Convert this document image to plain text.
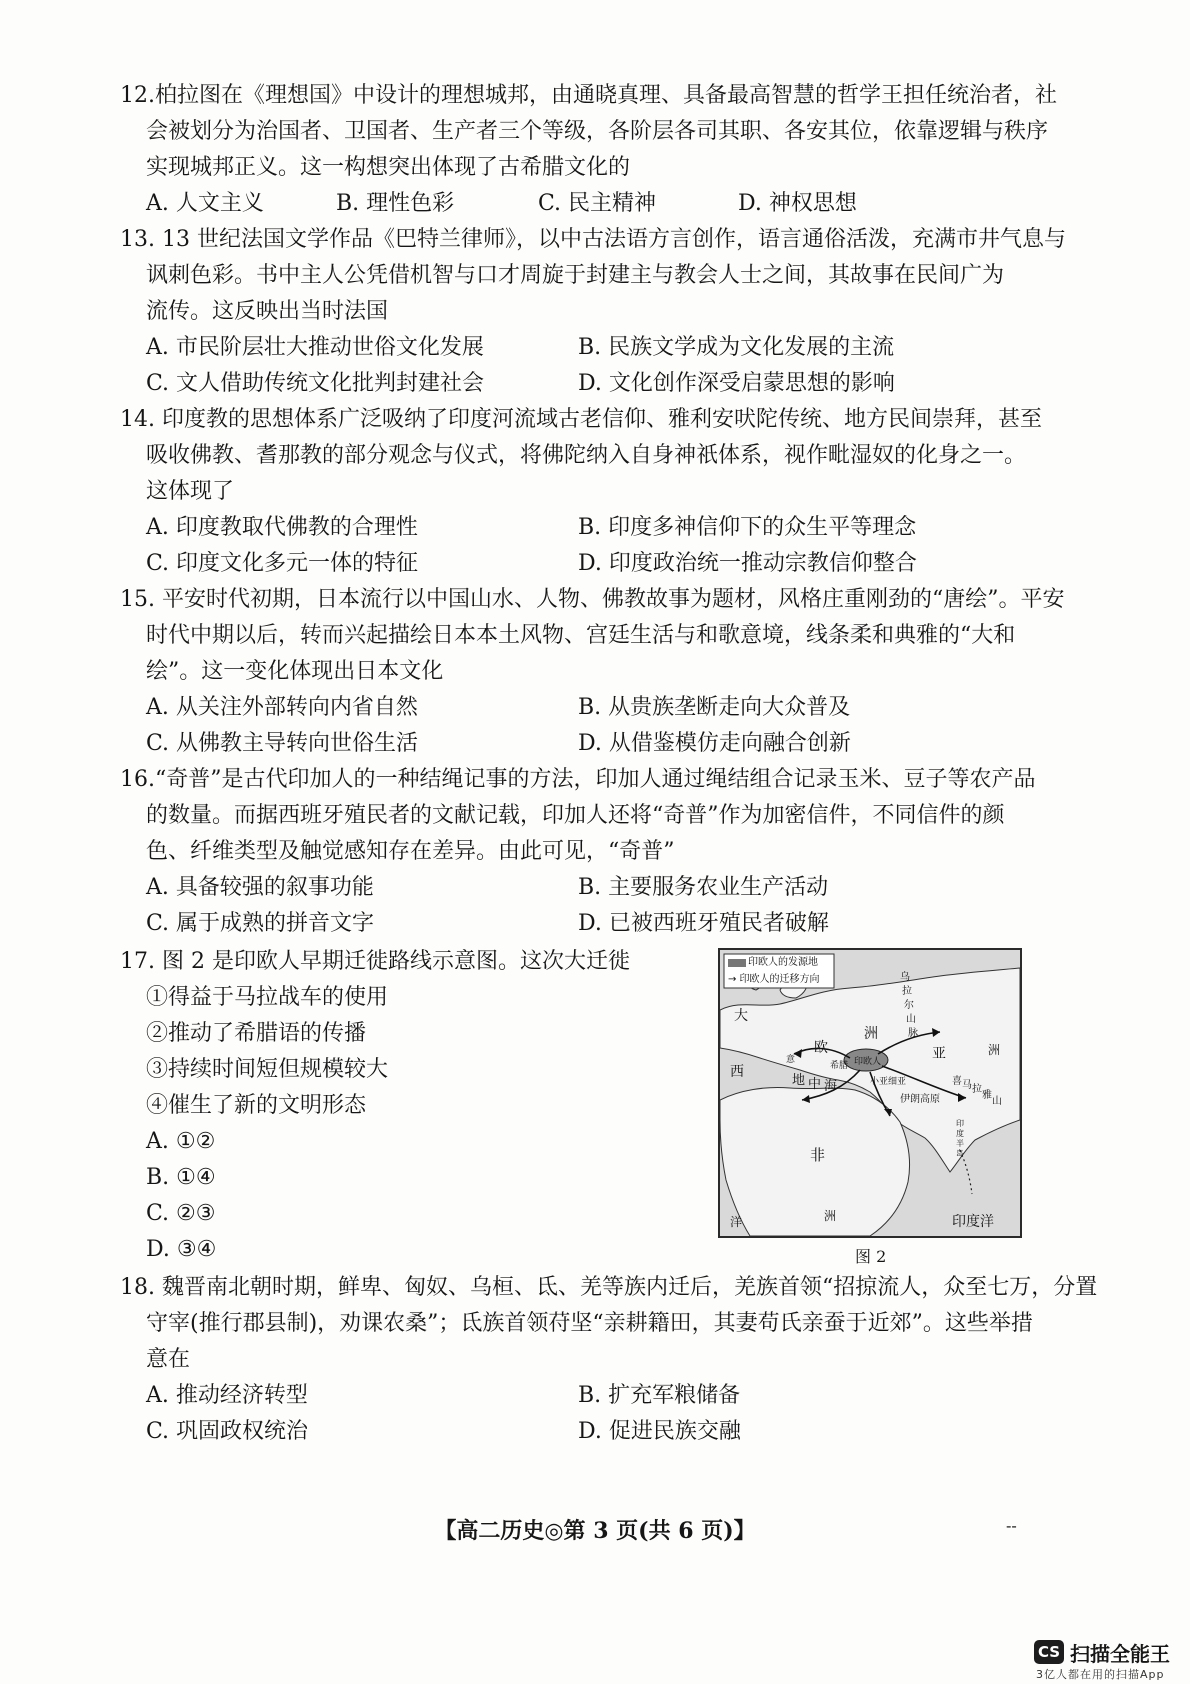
12.柏拉图在《理想国》中设计的理想城邦，由通晓真理、具备最高智慧的哲学王担任统治者，社
会被划分为治国者、卫国者、生产者三个等级，各阶层各司其职、各安其位，依靠逻辑与秩序
实现城邦正义。这一构想突出体现了古希腊文化的
A. 人文主义	B. 理性色彩	C. 民主精神	D. 神权思想
13. 13 世纪法国文学作品《巴特兰律师》，以中古法语方言创作，语言通俗活泼，充满市井气息与
讽刺色彩。书中主人公凭借机智与口才周旋于封建主与教会人士之间，其故事在民间广为
流传。这反映出当时法国
A. 市民阶层壮大推动世俗文化发展	B. 民族文学成为文化发展的主流
C. 文人借助传统文化批判封建社会	D. 文化创作深受启蒙思想的影响
14. 印度教的思想体系广泛吸纳了印度河流域古老信仰、雅利安吠陀传统、地方民间崇拜，甚至
吸收佛教、耆那教的部分观念与仪式，将佛陀纳入自身神祇体系，视作毗湿奴的化身之一。
这体现了
A. 印度教取代佛教的合理性	B. 印度多神信仰下的众生平等理念
C. 印度文化多元一体的特征	D. 印度政治统一推动宗教信仰整合
15. 平安时代初期，日本流行以中国山水、人物、佛教故事为题材，风格庄重刚劲的“唐绘”。平安
时代中期以后，转而兴起描绘日本本土风物、宫廷生活与和歌意境，线条柔和典雅的“大和
绘”。这一变化体现出日本文化
A. 从关注外部转向内省自然	B. 从贵族垄断走向大众普及
C. 从佛教主导转向世俗生活	D. 从借鉴模仿走向融合创新
16.“奇普”是古代印加人的一种结绳记事的方法，印加人通过绳结组合记录玉米、豆子等农产品
的数量。而据西班牙殖民者的文献记载，印加人还将“奇普”作为加密信件，不同信件的颜
色、纤维类型及触觉感知存在差异。由此可见，“奇普”
A. 具备较强的叙事功能	B. 主要服务农业生产活动
C. 属于成熟的拼音文字	D. 已被西班牙殖民者破解
17. 图 2 是印欧人早期迁徙路线示意图。这次大迁徙
①得益于马拉战车的使用
②推动了希腊语的传播
③持续时间短但规模较大
④催生了新的文明形态
A. ①②
B. ①④
C. ②③
D. ③④
印欧人的发源地
→ 印欧人的迁移方向
大
欧
洲
西
地 中 海	小亚细亚
伊朗高原
印欧人
非
洲
洋	印度洋
亚	洲
乌
拉
尔
山
脉
喜 马 拉
雅
山
印
度
半
岛
希腊
意
图 2
18. 魏晋南北朝时期，鲜卑、匈奴、乌桓、氐、羌等族内迁后，羌族首领“招掠流人，众至七万，分置
守宰(推行郡县制)，劝课农桑”；氐族首领苻坚“亲耕籍田，其妻苟氏亲蚕于近郊”。这些举措
意在
A. 推动经济转型	B. 扩充军粮储备
C. 巩固政权统治	D. 促进民族交融
【高二历史◎第 3 页(共 6 页)】	--
CS 扫描全能王
3亿人都在用的扫描App
